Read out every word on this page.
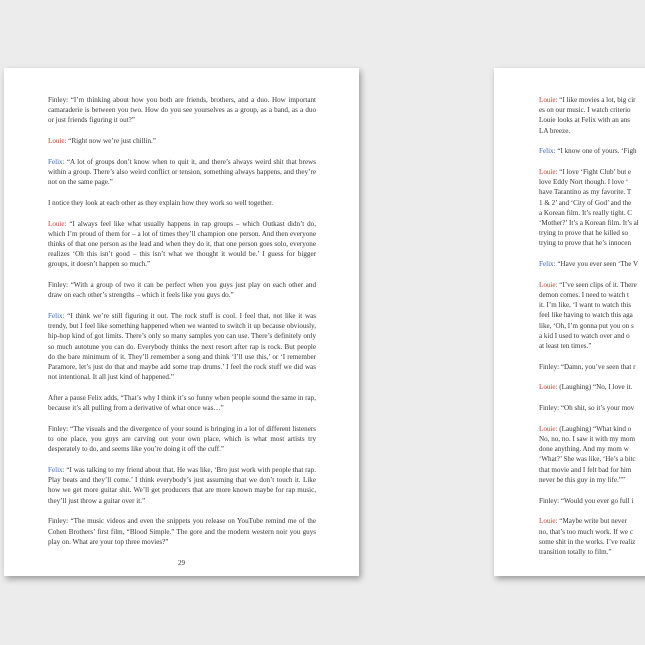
Finley: “I’m thinking about how you both are friends, brothers, and a duo. How important camaraderie is between you two. How do you see yourselves as a group, as a band, as a duo or just friends figuring it out?”

Louie: “Right now we’re just chillin.”

Felix: “A lot of groups don’t know when to quit it, and there’s always weird shit that brews within a group. There’s also weird conflict or tension, something always happens, and they’re not on the same page.”

I notice they look at each other as they explain how they work so well together.

Louie: “I always feel like what usually happens in rap groups – which Outkast didn’t do, which I’m proud of them for – a lot of times they’ll champion one person. And then everyone thinks of that one person as the lead and when they do it, that one person goes solo, everyone realizes ‘Oh this isn’t good – this isn’t what we thought it would be.’ I guess for bigger groups, it doesn’t happen so much.”

Finley: “With a group of two it can be perfect when you guys just play on each other and draw on each other’s strengths – which it feels like you guys do.”

Felix: “I think we’re still figuring it out. The rock stuff is cool. I feel that, not like it was trendy, but I feel like something happened when we wanted to switch it up because obviously, hip-hop kind of got limits. There’s only so many samples you can use. There’s definitely only so much autotune you can do. Everybody thinks the next resort after rap is rock. But people do the bare minimum of it. They’ll remember a song and think ‘I’ll use this,’ or ‘I remember Paramore, let’s just do that and maybe add some trap drums.’ I feel the rock stuff we did was not intentional. It all just kind of happened.”

After a pause Felix adds, “That’s why I think it’s so funny when people sound the same in rap, because it’s all pulling from a derivative of what once was…”

Finley: “The visuals and the divergence of your sound is bringing in a lot of different listeners to one place, you guys are carving out your own place, which is what most artists try desperately to do, and seems like you’re doing it off the cuff.”

Felix: “I was talking to my friend about that. He was like, ‘Bro just work with people that rap. Play beats and they’ll come.’ I think everybody’s just assuming that we don’t touch it. Like how we get more guitar shit. We’ll get producers that are more known maybe for rap music, they’ll just throw a guitar over it.”

Finley: “The music videos and even the snippets you release on YouTube remind me of the Cohen Brothers’ first film, “Blood Simple.” The gore and the modern western noir you guys play on. What are your top three movies?”

29

Louie: “I like movies a lot, big cir
es on our music. I watch criterio
Louie looks at Felix with an ans
LA breeze.

Felix: “I know one of yours. ‘Figh

Louie: “I love ‘Fight Club’ but e
love Eddy Nort though. I love ‘
have Tarantino as my favorite. T
1 & 2’ and ‘City of God’ and the
a Korean film. It’s really tight. C
‘Mother?’ It’s a Korean film. It’s al
trying to prove that he killed so
trying to prove that he’s innocen

Felix: “Have you ever seen ‘The V

Louie: “I’ve seen clips of it. There
demon comes. I need to watch t
it. I’m like, ‘I want to watch this
feel like having to watch this aga
like, ‘Oh, I’m gonna put you on s
a kid I used to watch over and o
at least ten times.”

Finley: “Damn, you’ve seen that r

Louie: (Laughing) “No, I love it.

Finley: “Oh shit, so it’s your mov

Louie: (Laughing) “What kind o
No, no, no. I saw it with my mom
done anything. And my mom w
‘What?’ She was like, ‘He’s a bitc
that movie and I felt bad for him
never be this guy in my life.””

Finley: “Would you ever go full i

Louie: “Maybe write but never
no, that’s too much work. If we c
some shit in the works. I’ve realiz
transition totally to film.”
